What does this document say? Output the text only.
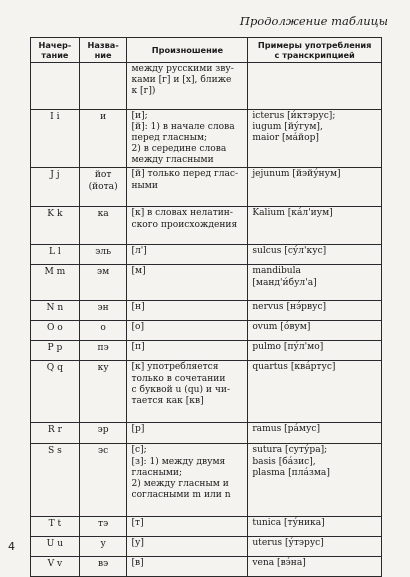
Продолжение таблицы
Начер-
тание	Назва-
ние	Произношение	Примеры употребления
с транскрипцией

		между русскими зву-
ками [г] и [х], ближе
к [г])	

I i	и	[и];
[й]: 1) в начале слова
перед гласным;
2) в середине слова
между гласными	icterus [и́ктэрус];
iugum [йу́гум],
maior [ма́йор]

J j	йот
(йота)	[й] только перед глас-
ными	jejunum [йэйу́нум]

K k	ка	[к] в словах нелатин-
ского происхождения	Kalium [ка́л'иум]

L l	эль	[л']	sulcus [су́л'кус]

M m	эм	[м]	mandibula
[манд'и́бул'а]

N n	эн	[н]	nervus [нэ́рвус]

O o	о	[о]	ovum [о́вум]

P p	пэ	[п]	pulmo [пу́л'мо]

Q q	ку	[к] употребляется
только в сочетании
с буквой u (qu) и чи-
тается как [кв]	quartus [ква́ртус]

R r	эр	[р]	ramus [ра́мус]

S s	эс	[с];
[з]: 1) между двумя
гласными;
2) между гласным и
согласными m или n	sutura [суту́ра];
basis [ба́зис],
plasma [пла́зма]

T t	тэ	[т]	tunica [ту́ника]

U u	у	[у]	uterus [у́тэрус]

V v	вэ	[в]	vena [вэ́на]
4
